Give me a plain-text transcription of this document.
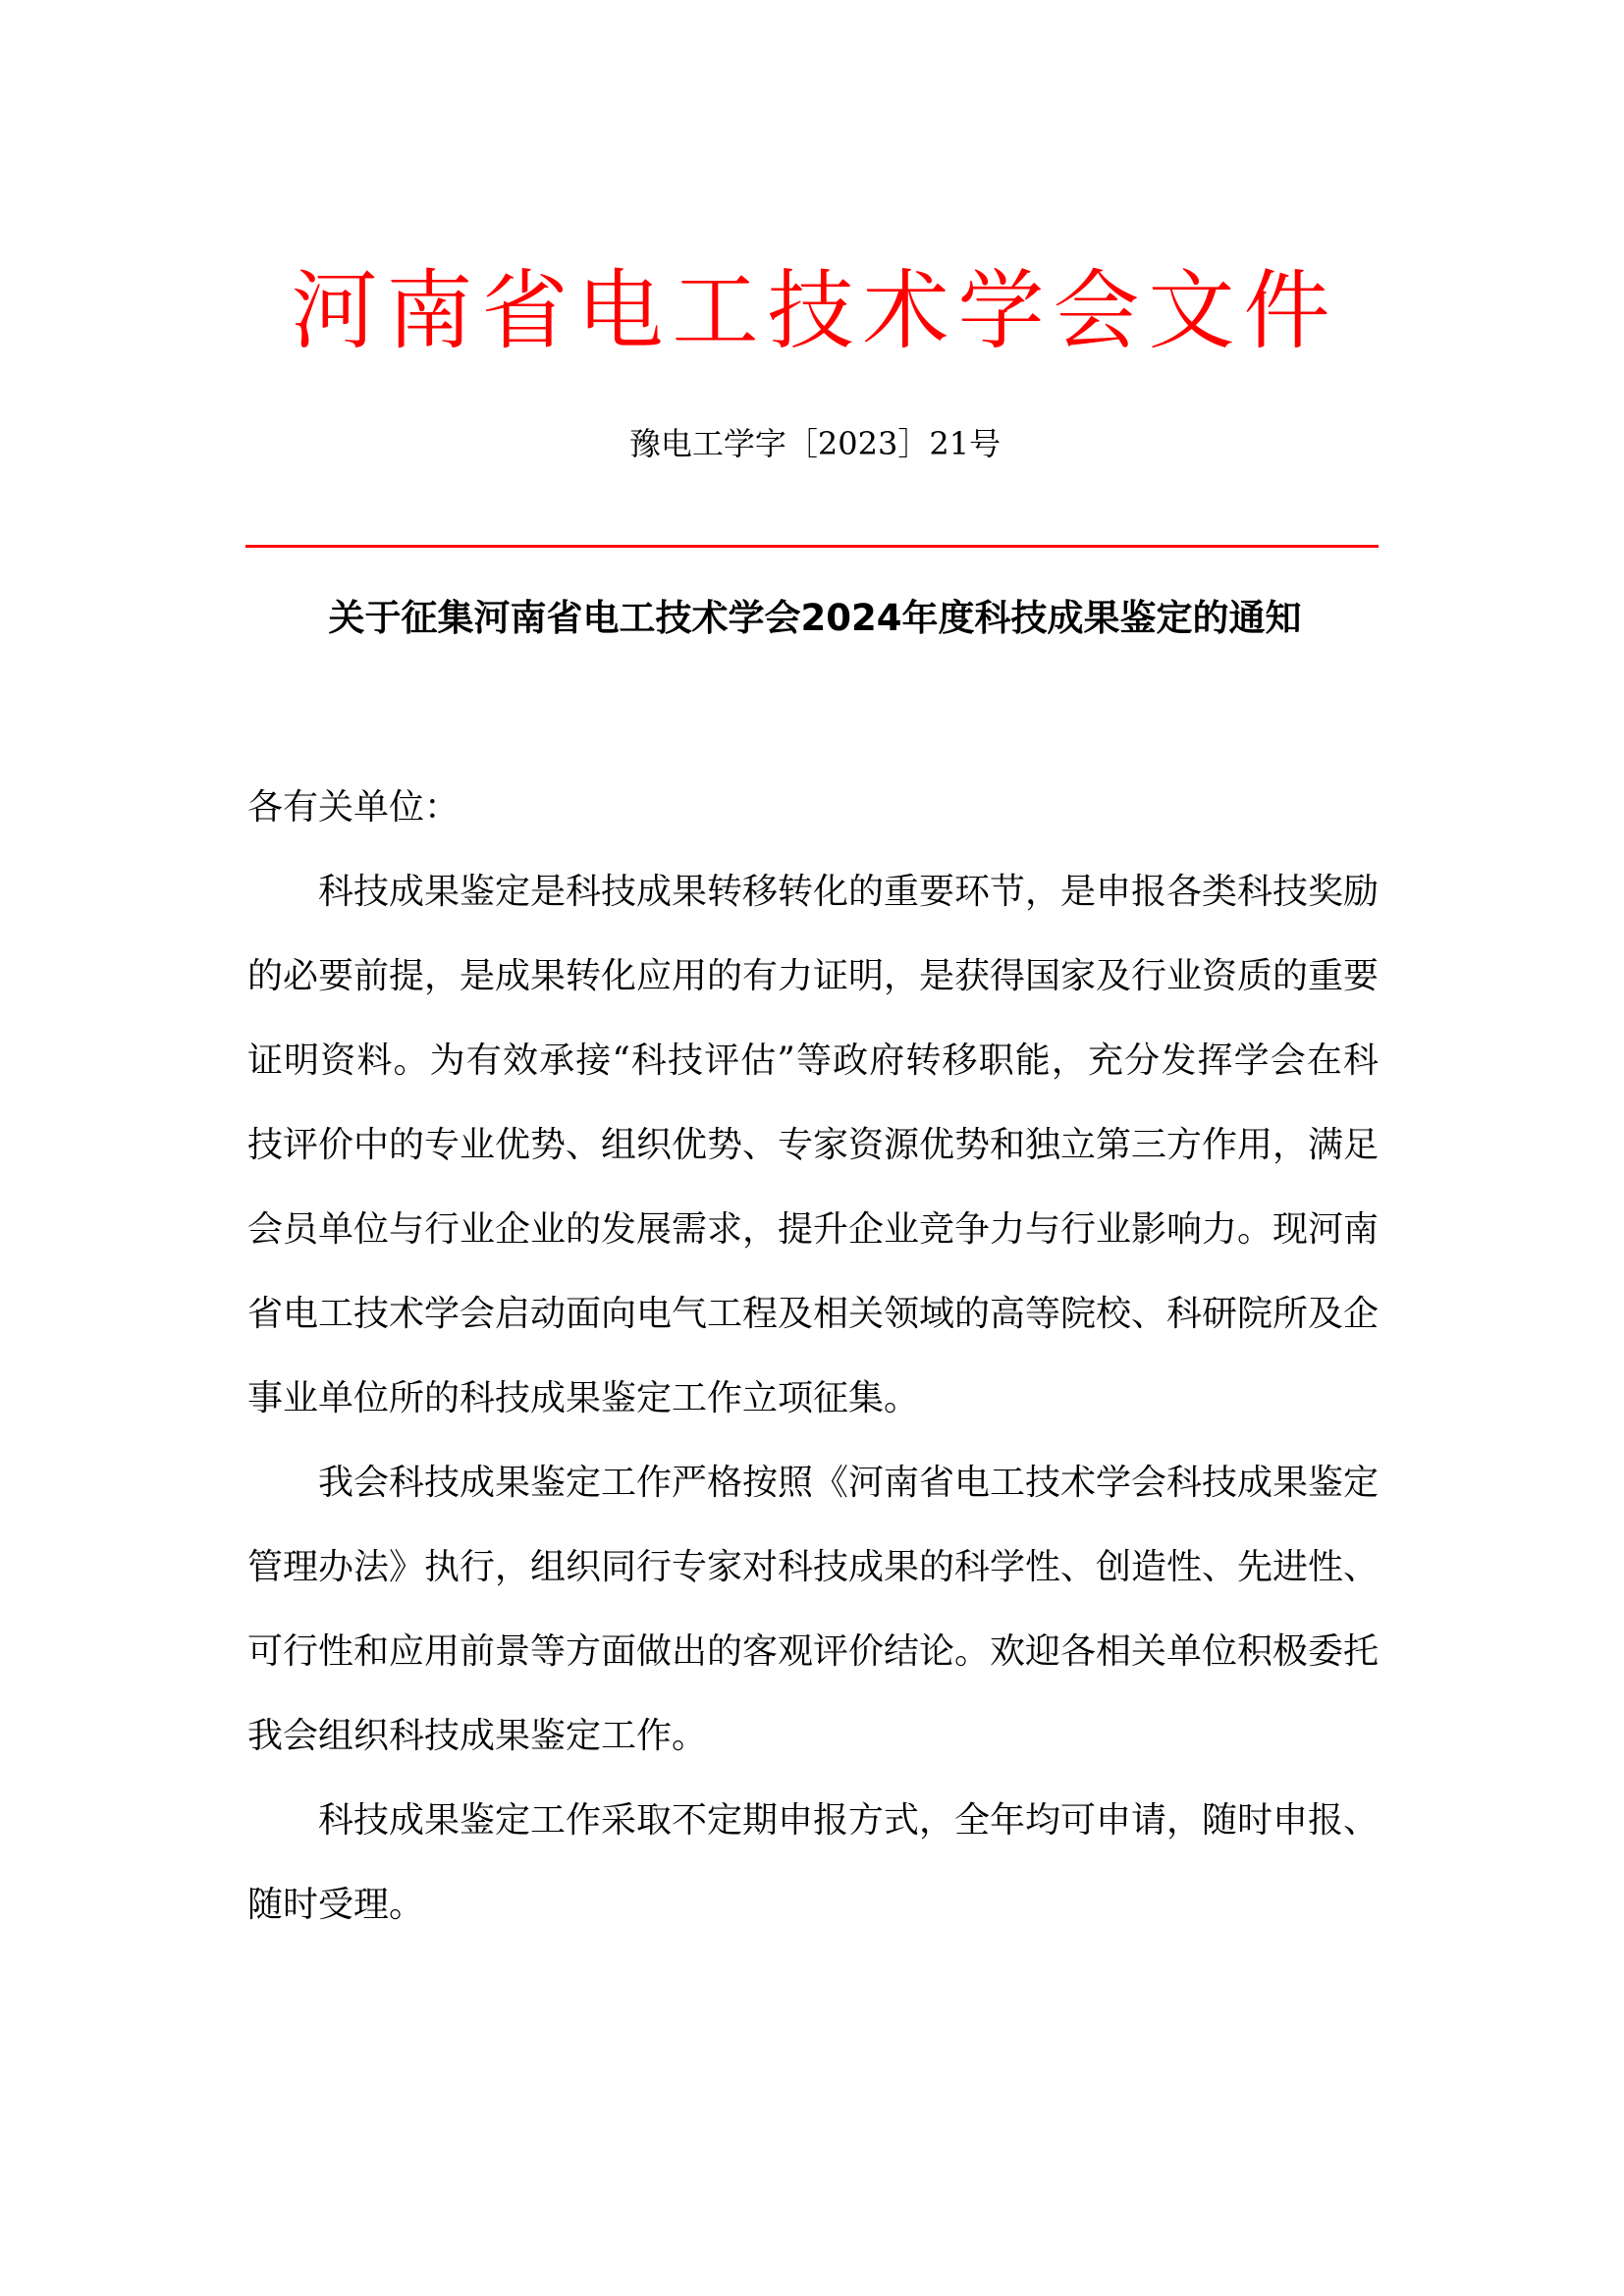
河南省电工技术学会文件
豫电工学字［2023］21号
关于征集河南省电工技术学会2024年度科技成果鉴定的通知

各有关单位：

科技成果鉴定是科技成果转移转化的重要环节，是申报各类科技奖励的必要前提，是成果转化应用的有力证明，是获得国家及行业资质的重要证明资料。为有效承接“科技评估”等政府转移职能，充分发挥学会在科技评价中的专业优势、组织优势、专家资源优势和独立第三方作用，满足会员单位与行业企业的发展需求，提升企业竞争力与行业影响力。现河南省电工技术学会启动面向电气工程及相关领域的高等院校、科研院所及企事业单位所的科技成果鉴定工作立项征集。

我会科技成果鉴定工作严格按照《河南省电工技术学会科技成果鉴定管理办法》执行，组织同行专家对科技成果的科学性、创造性、先进性、可行性和应用前景等方面做出的客观评价结论。欢迎各相关单位积极委托我会组织科技成果鉴定工作。

科技成果鉴定工作采取不定期申报方式，全年均可申请，随时申报、随时受理。
